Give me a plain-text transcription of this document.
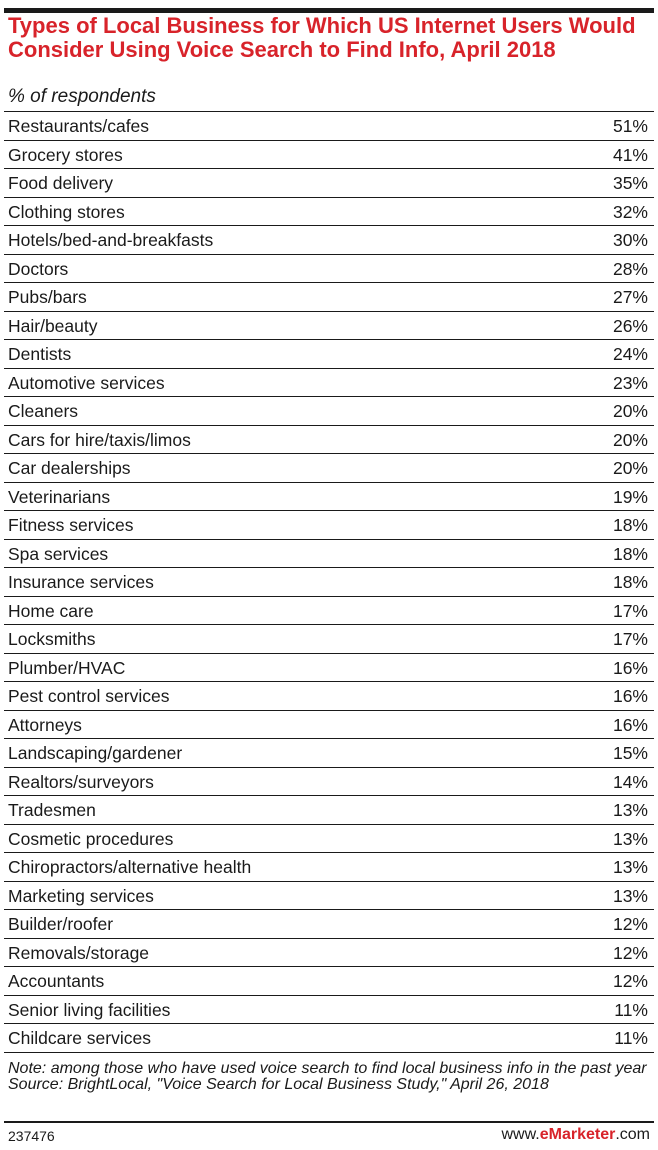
Types of Local Business for Which US Internet Users Would Consider Using Voice Search to Find Info, April 2018
% of respondents
Restaurants/cafes	51%
Grocery stores	41%
Food delivery	35%
Clothing stores	32%
Hotels/bed-and-breakfasts	30%
Doctors	28%
Pubs/bars	27%
Hair/beauty	26%
Dentists	24%
Automotive services	23%
Cleaners	20%
Cars for hire/taxis/limos	20%
Car dealerships	20%
Veterinarians	19%
Fitness services	18%
Spa services	18%
Insurance services	18%
Home care	17%
Locksmiths	17%
Plumber/HVAC	16%
Pest control services	16%
Attorneys	16%
Landscaping/gardener	15%
Realtors/surveyors	14%
Tradesmen	13%
Cosmetic procedures	13%
Chiropractors/alternative health	13%
Marketing services	13%
Builder/roofer	12%
Removals/storage	12%
Accountants	12%
Senior living facilities	11%
Childcare services	11%
Note: among those who have used voice search to find local business info in the past year
Source: BrightLocal, "Voice Search for Local Business Study," April 26, 2018
237476	www.eMarketer.com
